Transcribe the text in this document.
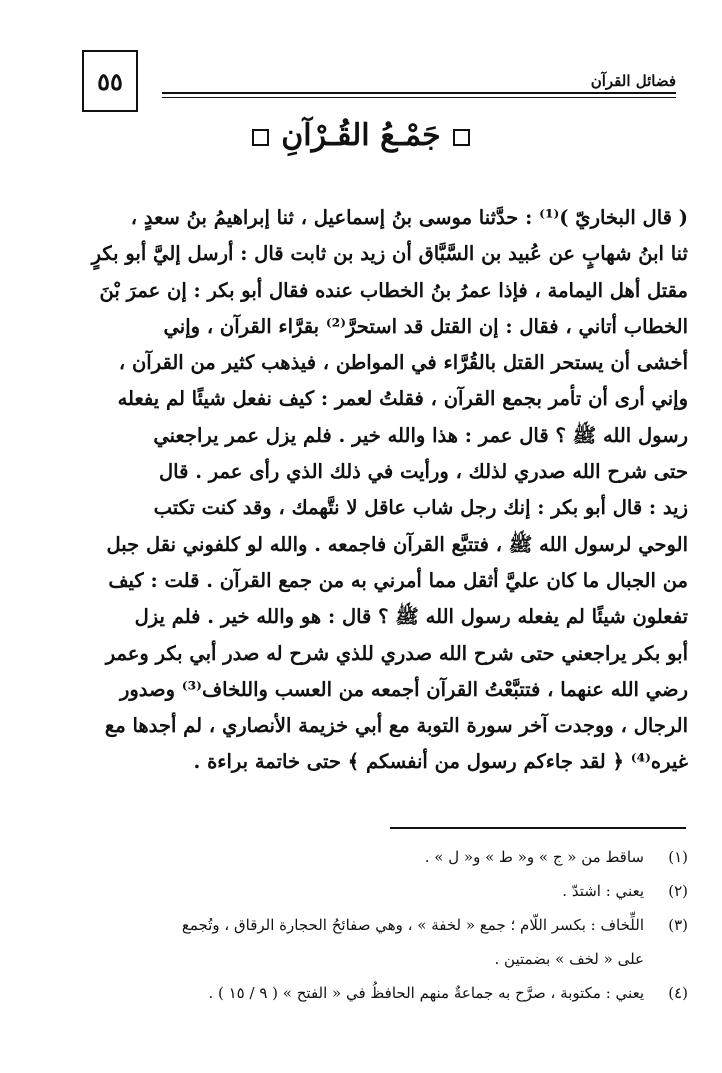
٥٥	فضائل القرآن
جَمْـعُ القُـرْآنِ
( قال البخاريّ )⁽¹⁾ : حدَّثنا موسى بنُ إسماعيل ، ثنا إبراهيمُ بنُ سعدٍ ،
ثنا ابنُ شهابٍ عن عُبيد بن السَّبَّاق أن زيد بن ثابت قال : أرسل إليَّ أبو بكرٍ
مقتل أهل اليمامة ، فإذا عمرُ بنُ الخطاب عنده فقال أبو بكر : إن عمرَ بْنَ
الخطاب أتاني ، فقال : إن القتل قد استحرَّ⁽²⁾ بقرَّاء القرآن ، وإني
أخشى أن يستحر القتل بالقُرَّاء في المواطن ، فيذهب كثير من القرآن ،
وإني أرى أن تأمر بجمع القرآن ، فقلتُ لعمر : كيف نفعل شيئًا لم يفعله
رسول الله ﷺ ؟ قال عمر : هذا والله خير . فلم يزل عمر يراجعني
حتى شرح الله صدري لذلك ، ورأيت في ذلك الذي رأى عمر . قال
زيد : قال أبو بكر : إنك رجل شاب عاقل لا نتَّهمك ، وقد كنت تكتب
الوحي لرسول الله ﷺ ، فتتبَّع القرآن فاجمعه . والله لو كلفوني نقل جبل
من الجبال ما كان عليَّ أثقل مما أمرني به من جمع القرآن . قلت : كيف
تفعلون شيئًا لم يفعله رسول الله ﷺ ؟ قال : هو والله خير . فلم يزل
أبو بكر يراجعني حتى شرح الله صدري للذي شرح له صدر أبي بكر وعمر
رضي الله عنهما ، فتتبَّعْتُ القرآن أجمعه من العسب واللخاف⁽³⁾ وصدور
الرجال ، ووجدت آخر سورة التوبة مع أبي خزيمة الأنصاري ، لم أجدها مع
غيره⁽⁴⁾ ﴿ لقد جاءكم رسول من أنفسكم ﴾ حتى خاتمة براءة .
(١)
ساقط من « ج » و« ط » و« ل » .
(٢)
يعني : اشتدّ .
(٣)
اللِّخاف : بكسر اللّام ؛ جمع « لخفة » ، وهي صفائحُ الحجارة الرقاق ، وتُجمع
على « لخف » بضمتين .
(٤)
يعني : مكتوبة ، صرَّح به جماعةٌ منهم الحافظُ في « الفتح » ( ٩ / ١٥ ) .
